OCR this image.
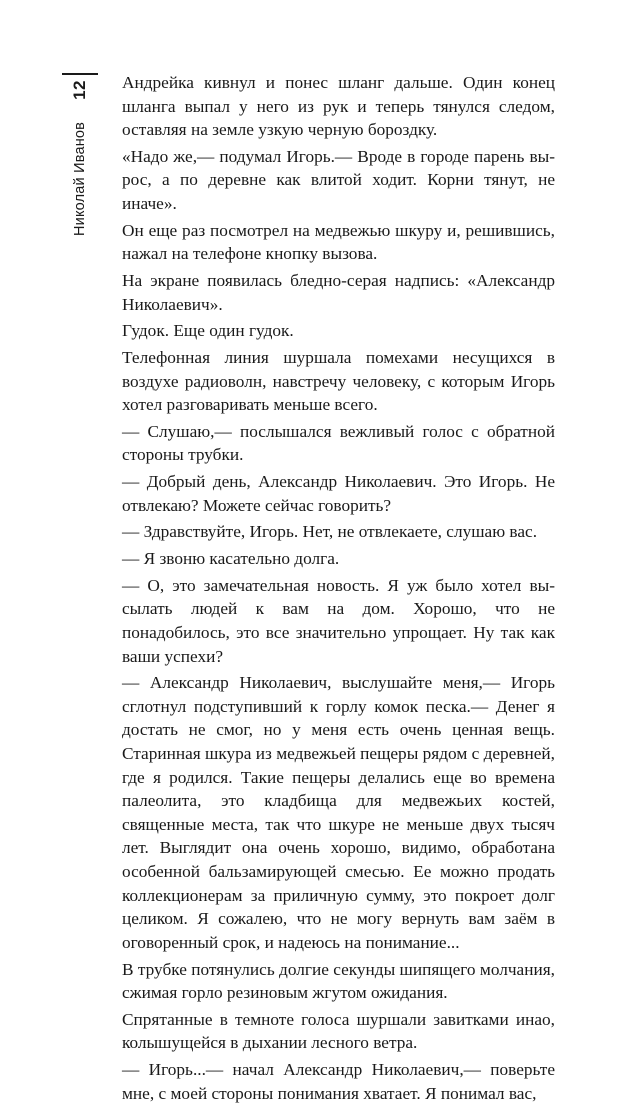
12
Николай Иванов

Андрейка кивнул и понес шланг дальше. Один конец шланга выпал у него из рук и теперь тянулся следом, оставляя на земле узкую черную бороздку.

«Надо же,— подумал Игорь.— Вроде в городе парень вырос, а по деревне как влитой ходит. Корни тянут, не иначе».

Он еще раз посмотрел на медвежью шкуру и, решившись, нажал на телефоне кнопку вызова.

На экране появилась бледно-серая надпись: «Александр Николаевич».

Гудок. Еще один гудок.

Телефонная линия шуршала помехами несущихся в воздухе радиоволн, навстречу человеку, с которым Игорь хотел разговаривать меньше всего.

— Слушаю,— послышался вежливый голос с обратной стороны трубки.

— Добрый день, Александр Николаевич. Это Игорь. Не отвлекаю? Можете сейчас говорить?

— Здравствуйте, Игорь. Нет, не отвлекаете, слушаю вас.

— Я звоню касательно долга.

— О, это замечательная новость. Я уж было хотел высылать людей к вам на дом. Хорошо, что не понадобилось, это все значительно упрощает. Ну так как ваши успехи?

— Александр Николаевич, выслушайте меня,— Игорь сглотнул подступивший к горлу комок песка.— Денег я достать не смог, но у меня есть очень ценная вещь. Старинная шкура из медвежьей пещеры рядом с деревней, где я родился. Такие пещеры делались еще во времена палеолита, это кладбища для медвежьих костей, священные места, так что шкуре не меньше двух тысяч лет. Выглядит она очень хорошо, видимо, обработана особенной бальзамирующей смесью. Ее можно продать коллекционерам за приличную сумму, это покроет долг целиком. Я сожалею, что не могу вернуть вам заём в оговоренный срок, и надеюсь на понимание...

В трубке потянулись долгие секунды шипящего молчания, сжимая горло резиновым жгутом ожидания.

Спрятанные в темноте голоса шуршали завитками инао, колышущейся в дыхании лесного ветра.

— Игорь...— начал Александр Николаевич,— поверьте мне, с моей стороны понимания хватает. Я понимал вас,
